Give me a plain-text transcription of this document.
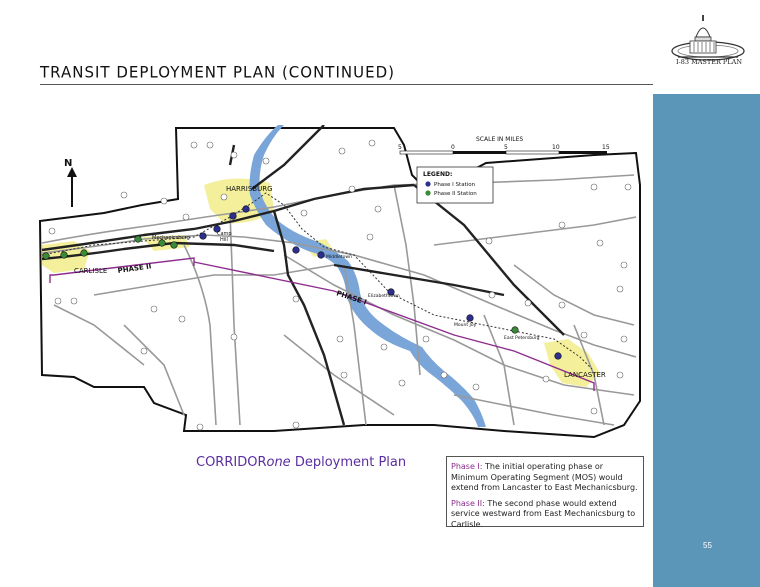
TRANSIT DEPLOYMENT PLAN (CONTINUED)
I-83 MASTER PLAN
55
N
SCALE IN MILES
5	0	5	10	15
LEGEND:
Phase I Station
Phase II Station
HARRISBURG
CARLISLE
LANCASTER
Camp
Hill
Mechanicsburg
Middletown
Elizabethtown
Mount Joy
East Petersburg
PHASE II
PHASE I
CORRIDORone Deployment Plan	Phase I: The initial operating phase or Minimum Operating Segment (MOS) would extend from Lancaster to East Mechanicsburg.

Phase II: The second phase would extend service westward from East Mechanicsburg to Carlisle.
